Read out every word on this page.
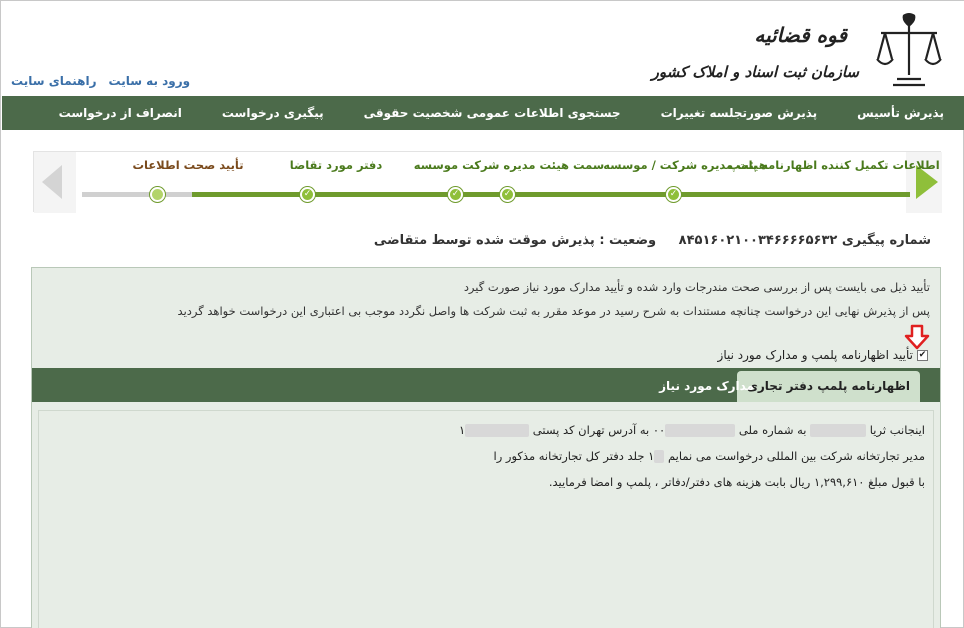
قوه قضائیه
سازمان ثبت اسناد و املاک کشور
ورود به سایت
راهنمای سایت
پذیرش تأسیس
پذیرش صورتجلسه تغییرات
جستجوی اطلاعات عمومی شخصیت حقوقی
پیگیری درخواست
انصراف از درخواست
اطلاعات تکمیل کننده اظهارنامه پلمپ
هیئت مدیره شرکت / موسسه
سمت هیئت مدیره شرکت موسسه
دفتر مورد تقاضا
تأیید صحت اطلاعات
✓
✓
✓
✓
شماره پیگیری ۸۴۵۱۶۰۲۱۰۰۳۴۶۶۶۶۵۶۳۲ وضعیت : پذیرش موقت شده توسط متقاضی
تأیید ذیل می بایست پس از بررسی صحت مندرجات وارد شده و تأیید مدارک مورد نیاز صورت گیرد
پس از پذیرش نهایی این درخواست چنانچه مستندات به شرح رسید در موعد مقرر به ثبت شرکت ها واصل نگردد موجب بی اعتباری این درخواست خواهد گردید
✔
تأیید اظهارنامه پلمپ و مدارک مورد نیاز
اظهارنامه پلمپ دفتر تجاری
مدارک مورد نیاز
اینجانب ثریا  به شماره ملی ۰۰ به آدرس تهران کد پستی ۱
مدیر تجارتخانه شرکت بین المللی درخواست می نمایم ۱ جلد دفتر کل تجارتخانه مذکور را
با قبول مبلغ ۱,۲۹۹,۶۱۰ ریال بابت هزینه های دفتر/دفاتر ، پلمپ و امضا فرمایید.
